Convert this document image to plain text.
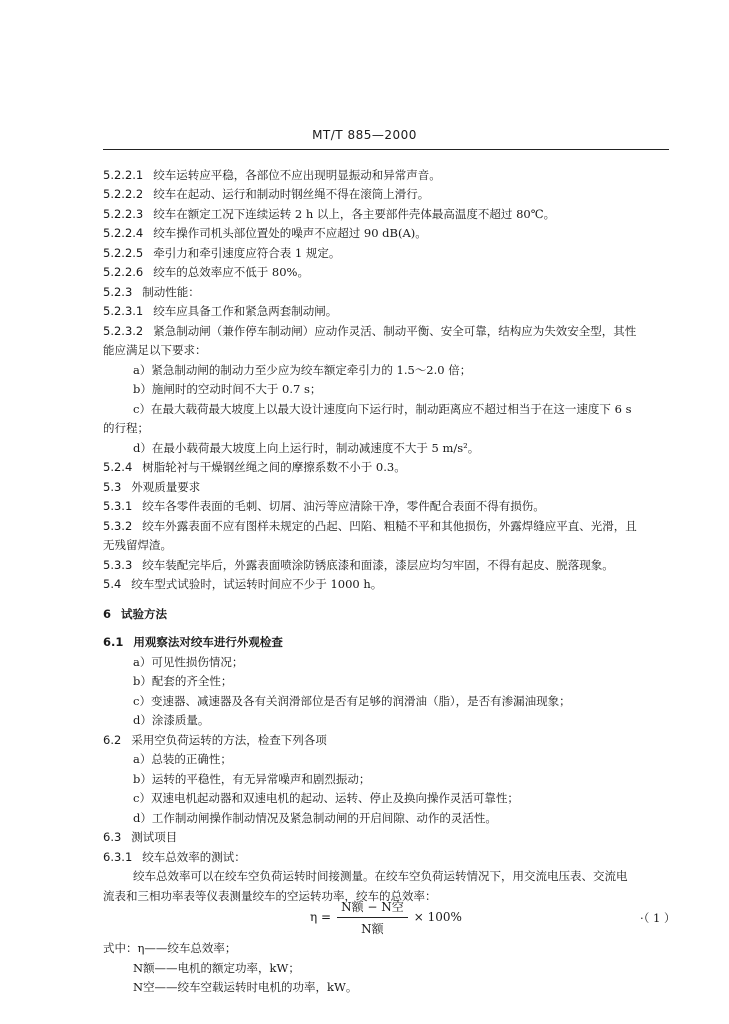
MT/T 885—2000
5.2.2.1 绞车运转应平稳，各部位不应出现明显振动和异常声音。
5.2.2.2 绞车在起动、运行和制动时钢丝绳不得在滚筒上滑行。
5.2.2.3 绞车在额定工况下连续运转 2 h 以上，各主要部件壳体最高温度不超过 80℃。
5.2.2.4 绞车操作司机头部位置处的噪声不应超过 90 dB(A)。
5.2.2.5 牵引力和牵引速度应符合表 1 规定。
5.2.2.6 绞车的总效率应不低于 80%。
5.2.3 制动性能：
5.2.3.1 绞车应具备工作和紧急两套制动闸。
5.2.3.2 紧急制动闸（兼作停车制动闸）应动作灵活、制动平衡、安全可靠，结构应为失效安全型，其性
能应满足以下要求：
a）紧急制动闸的制动力至少应为绞车额定牵引力的 1.5～2.0 倍；
b）施闸时的空动时间不大于 0.7 s；
c）在最大载荷最大坡度上以最大设计速度向下运行时，制动距离应不超过相当于在这一速度下 6 s
的行程；
d）在最小载荷最大坡度上向上运行时，制动减速度不大于 5 m/s²。
5.2.4 树脂轮衬与干燥钢丝绳之间的摩擦系数不小于 0.3。
5.3 外观质量要求
5.3.1 绞车各零件表面的毛刺、切屑、油污等应清除干净，零件配合表面不得有损伤。
5.3.2 绞车外露表面不应有图样未规定的凸起、凹陷、粗糙不平和其他损伤，外露焊缝应平直、光滑，且
无残留焊渣。
5.3.3 绞车装配完毕后，外露表面喷涂防锈底漆和面漆，漆层应均匀牢固，不得有起皮、脱落现象。
5.4 绞车型式试验时，试运转时间应不少于 1000 h。
6 试验方法
6.1 用观察法对绞车进行外观检查
a）可见性损伤情况；
b）配套的齐全性；
c）变速器、减速器及各有关润滑部位是否有足够的润滑油（脂），是否有渗漏油现象；
d）涂漆质量。
6.2 采用空负荷运转的方法，检查下列各项
a）总装的正确性；
b）运转的平稳性，有无异常噪声和剧烈振动；
c）双速电机起动器和双速电机的起动、运转、停止及换向操作灵活可靠性；
d）工作制动闸操作制动情况及紧急制动闸的开启间隙、动作的灵活性。
6.3 测试项目
6.3.1 绞车总效率的测试：
绞车总效率可以在绞车空负荷运转时间接测量。在绞车空负荷运转情况下，用交流电压表、交流电
流表和三相功率表等仪表测量绞车的空运转功率，绞车的总效率：
$\eta = \frac{\text{N额 − N空}}{\text{N额}} \times 100\%$	·（ 1 ）
式中：η——绞车总效率；
N额——电机的额定功率，kW；
N空——绞车空载运转时电机的功率，kW。
